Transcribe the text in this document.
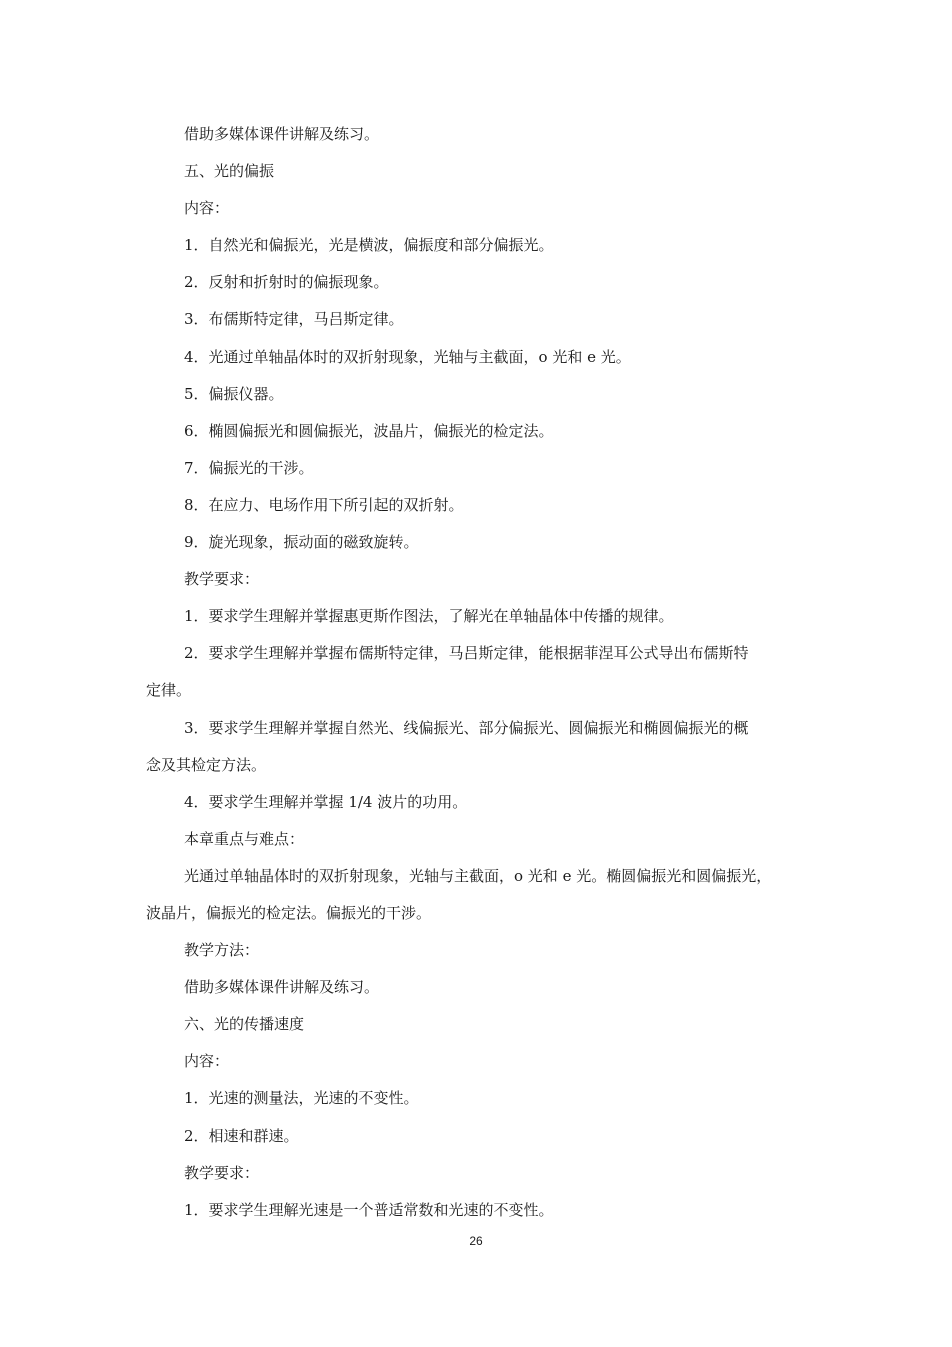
借助多媒体课件讲解及练习。

五、光的偏振

内容：

1．自然光和偏振光，光是横波，偏振度和部分偏振光。

2．反射和折射时的偏振现象。

3．布儒斯特定律，马吕斯定律。

4．光通过单轴晶体时的双折射现象，光轴与主截面，o 光和 e 光。

5．偏振仪器。

6．椭圆偏振光和圆偏振光，波晶片，偏振光的检定法。

7．偏振光的干涉。

8．在应力、电场作用下所引起的双折射。

9．旋光现象，振动面的磁致旋转。

教学要求：

1．要求学生理解并掌握惠更斯作图法，了解光在单轴晶体中传播的规律。

2．要求学生理解并掌握布儒斯特定律，马吕斯定律，能根据菲涅耳公式导出布儒斯特

定律。

3．要求学生理解并掌握自然光、线偏振光、部分偏振光、圆偏振光和椭圆偏振光的概

念及其检定方法。

4．要求学生理解并掌握 1/4 波片的功用。

本章重点与难点：

光通过单轴晶体时的双折射现象，光轴与主截面，o 光和 e 光。椭圆偏振光和圆偏振光，

波晶片，偏振光的检定法。偏振光的干涉。

教学方法：

借助多媒体课件讲解及练习。

六、光的传播速度

内容：

1．光速的测量法，光速的不变性。

2．相速和群速。

教学要求：

1．要求学生理解光速是一个普适常数和光速的不变性。

26
